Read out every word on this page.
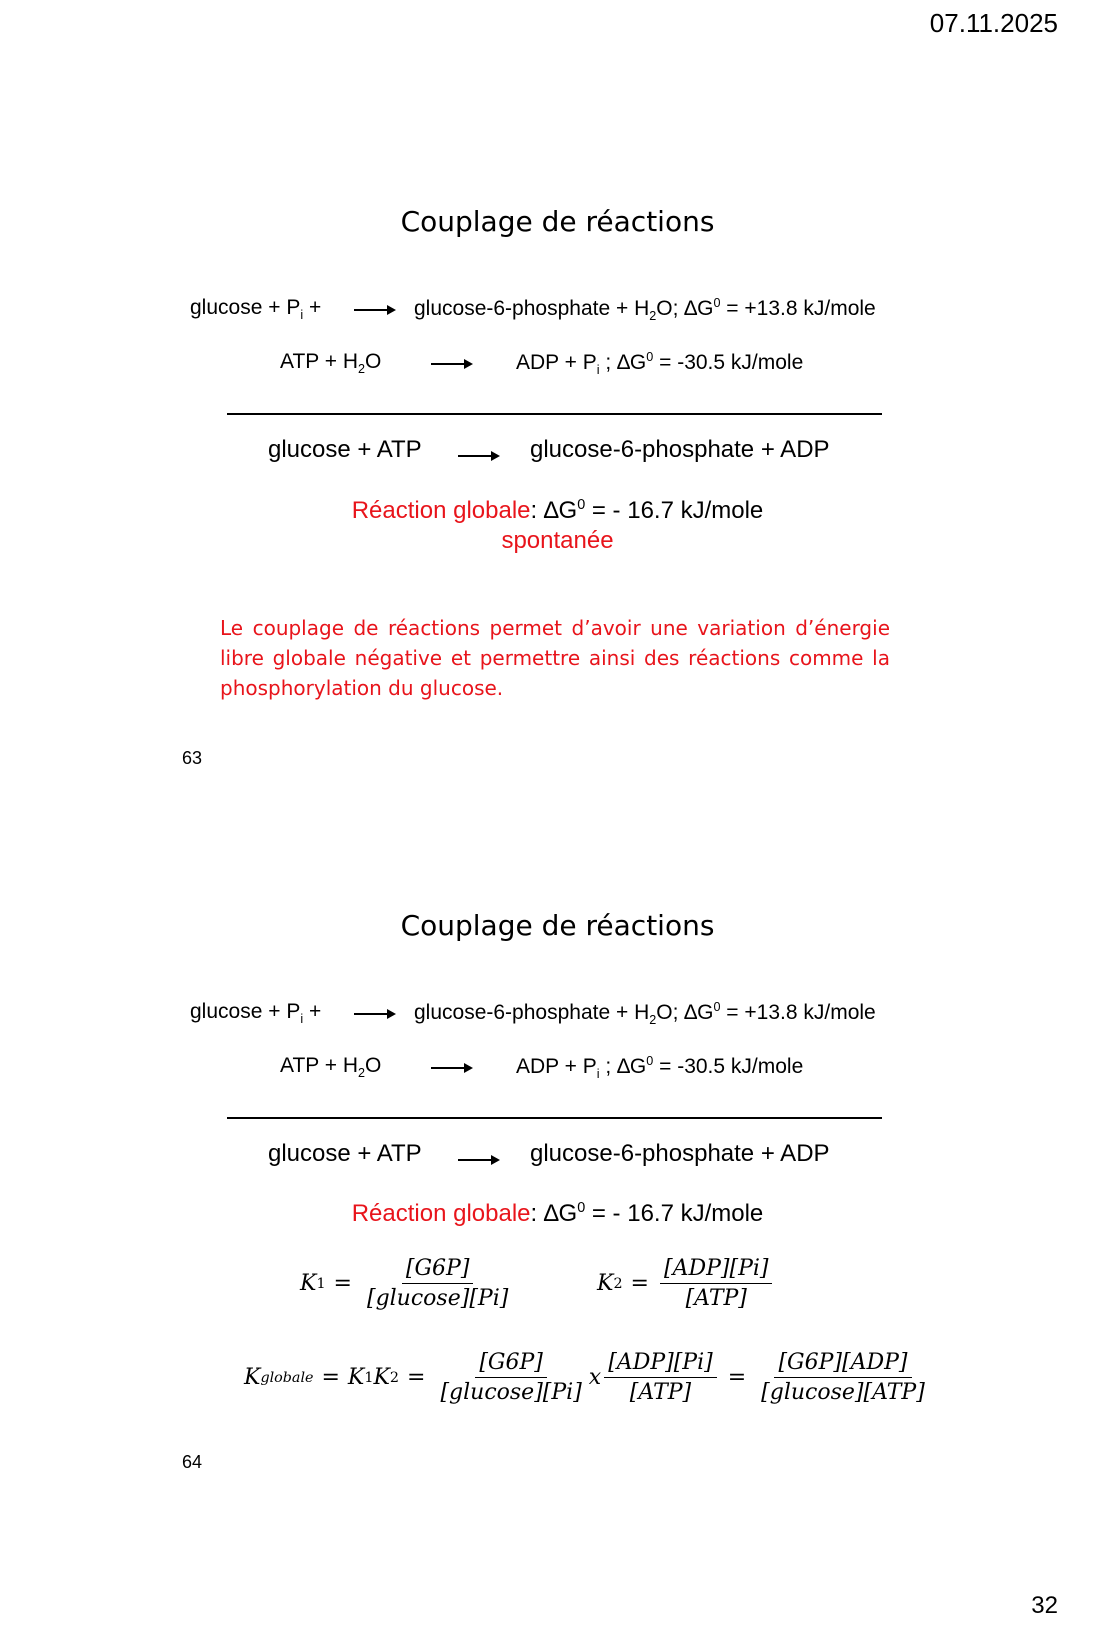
07.11.2025
32
Couplage de réactions
$glucose + P_i$ + → glucose-6-phosphate + $H_2O$; $\Delta G^0 = +13.8$ kJ/mole
ATP + $H_2O$	ADP + $P_i$ ; $\Delta G^0 = -30.5$ kJ/mole
glucose + ATP	glucose-6-phosphate + ADP
Réaction globale: $\Delta G^0$ = - 16.7 kJ/mole
spontanée
Le couplage de réactions permet d’avoir une variation d’énergie libre globale négative et permettre ainsi des réactions comme la phosphorylation du glucose.
63
Couplage de réactions
$glucose + P_i$ + → glucose-6-phosphate + $H_2O$; $\Delta G^0 = +13.8$ kJ/mole
ATP + $H_2O$	ADP + $P_i$ ; $\Delta G^0 = -30.5$ kJ/mole
glucose + ATP	glucose-6-phosphate + ADP
Réaction globale: $\Delta G^0$ = - 16.7 kJ/mole
K $1 = \frac{[G6P]}{\text{[glucose][Pi]}}$	K $2 = \frac{\text{[ADP][Pi]}}{\text{[ATP]}}$
K globale = K 1 K $2 = \frac{[G6P]}{\text{[glucose][Pi]}}$ x $\frac{\text{[ADP][Pi]}}{\text{[ATP]}} = \frac{\text{[G6P][ADP]}}{\text{[glucose][ATP]}}$
64
